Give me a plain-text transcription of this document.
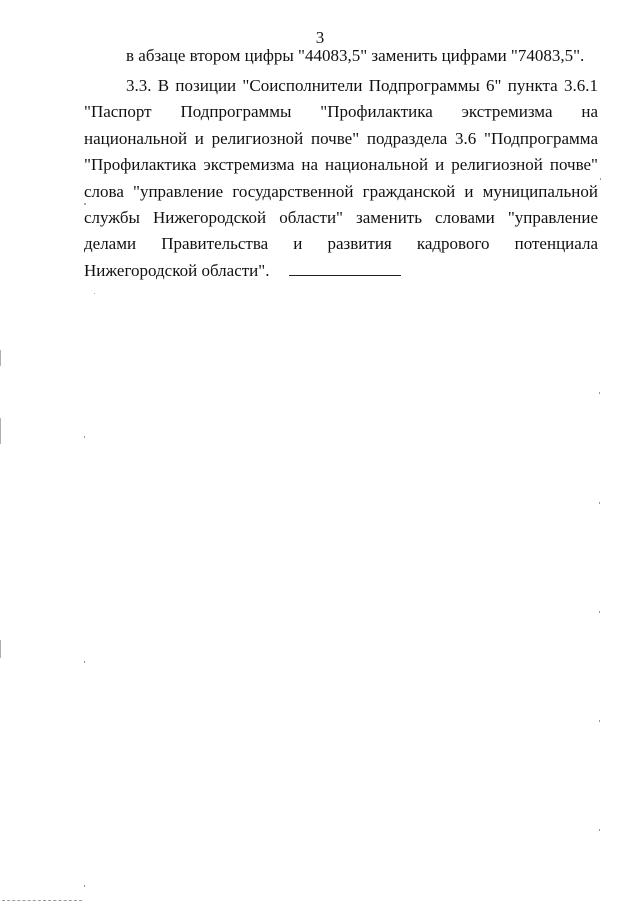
3
в абзаце втором цифры "44083,5" заменить цифрами "74083,5".

3.3. В позиции "Соисполнители Подпрограммы 6" пункта 3.6.1 "Паспорт Подпрограммы "Профилактика экстремизма на национальной и религиозной почве" подраздела 3.6 "Подпрограмма "Профилактика экстремизма на национальной и религиозной почве" слова "управление государственной гражданской и муниципальной службы Нижегородской области" заменить словами "управление делами Правительства и развития кадрового потенциала Нижегородской области".
